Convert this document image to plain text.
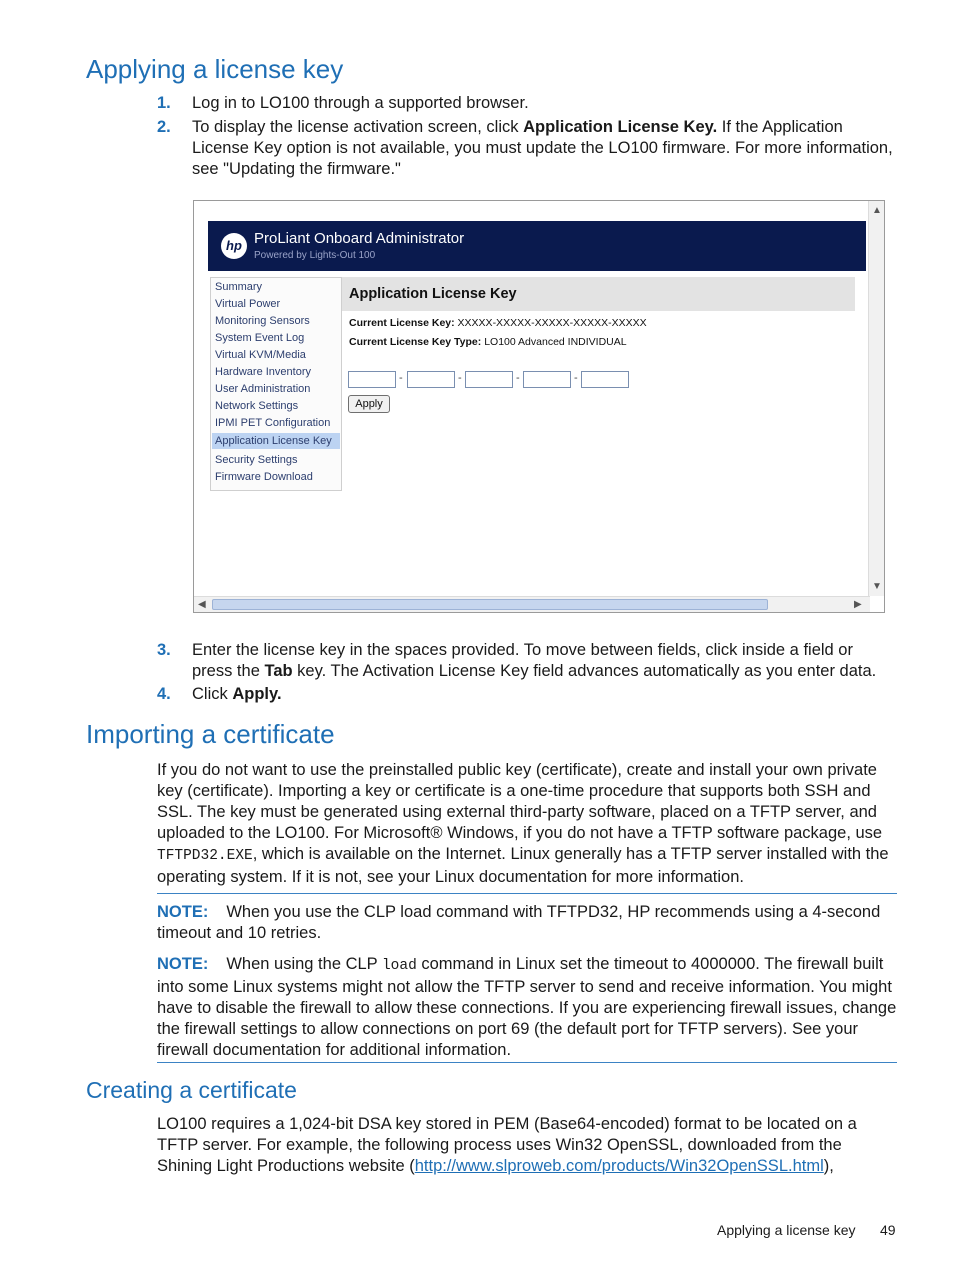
Applying a license key
1. Log in to LO100 through a supported browser.
2. To display the license activation screen, click Application License Key. If the Application License Key option is not available, you must update the LO100 firmware. For more information, see "Updating the firmware."
hp ProLiant Onboard Administrator
Powered by Lights-Out 100
Summary
Virtual Power
Monitoring Sensors
System Event Log
Virtual KVM/Media
Hardware Inventory
User Administration
Network Settings
IPMI PET Configuration
Application License Key
Security Settings
Firmware Download
Application License Key
Current License Key: XXXXX-XXXXX-XXXXX-XXXXX-XXXXX
Current License Key Type: LO100 Advanced INDIVIDUAL
-	-	-	-
Apply
▲
▼
◀	▶
3. Enter the license key in the spaces provided. To move between fields, click inside a field or press the Tab key. The Activation License Key field advances automatically as you enter data.
4. Click Apply.
Importing a certificate

If you do not want to use the preinstalled public key (certificate), create and install your own private key (certificate). Importing a key or certificate is a one-time procedure that supports both SSH and SSL. The key must be generated using external third-party software, placed on a TFTP server, and uploaded to the LO100. For Microsoft® Windows, if you do not have a TFTP software package, use TFTPD32.EXE, which is available on the Internet. Linux generally has a TFTP server installed with the operating system. If it is not, see your Linux documentation for more information.

NOTE: When you use the CLP load command with TFTPD32, HP recommends using a 4-second timeout and 10 retries.

NOTE: When using the CLP load command in Linux set the timeout to 4000000. The firewall built into some Linux systems might not allow the TFTP server to send and receive information. You might have to disable the firewall to allow these connections. If you are experiencing firewall issues, change the firewall settings to allow connections on port 69 (the default port for TFTP servers). See your firewall documentation for additional information.

Creating a certificate

LO100 requires a 1,024-bit DSA key stored in PEM (Base64-encoded) format to be located on a TFTP server. For example, the following process uses Win32 OpenSSL, downloaded from the Shining Light Productions website (http://www.slproweb.com/products/Win32OpenSSL.html),

Applying a license key 49
